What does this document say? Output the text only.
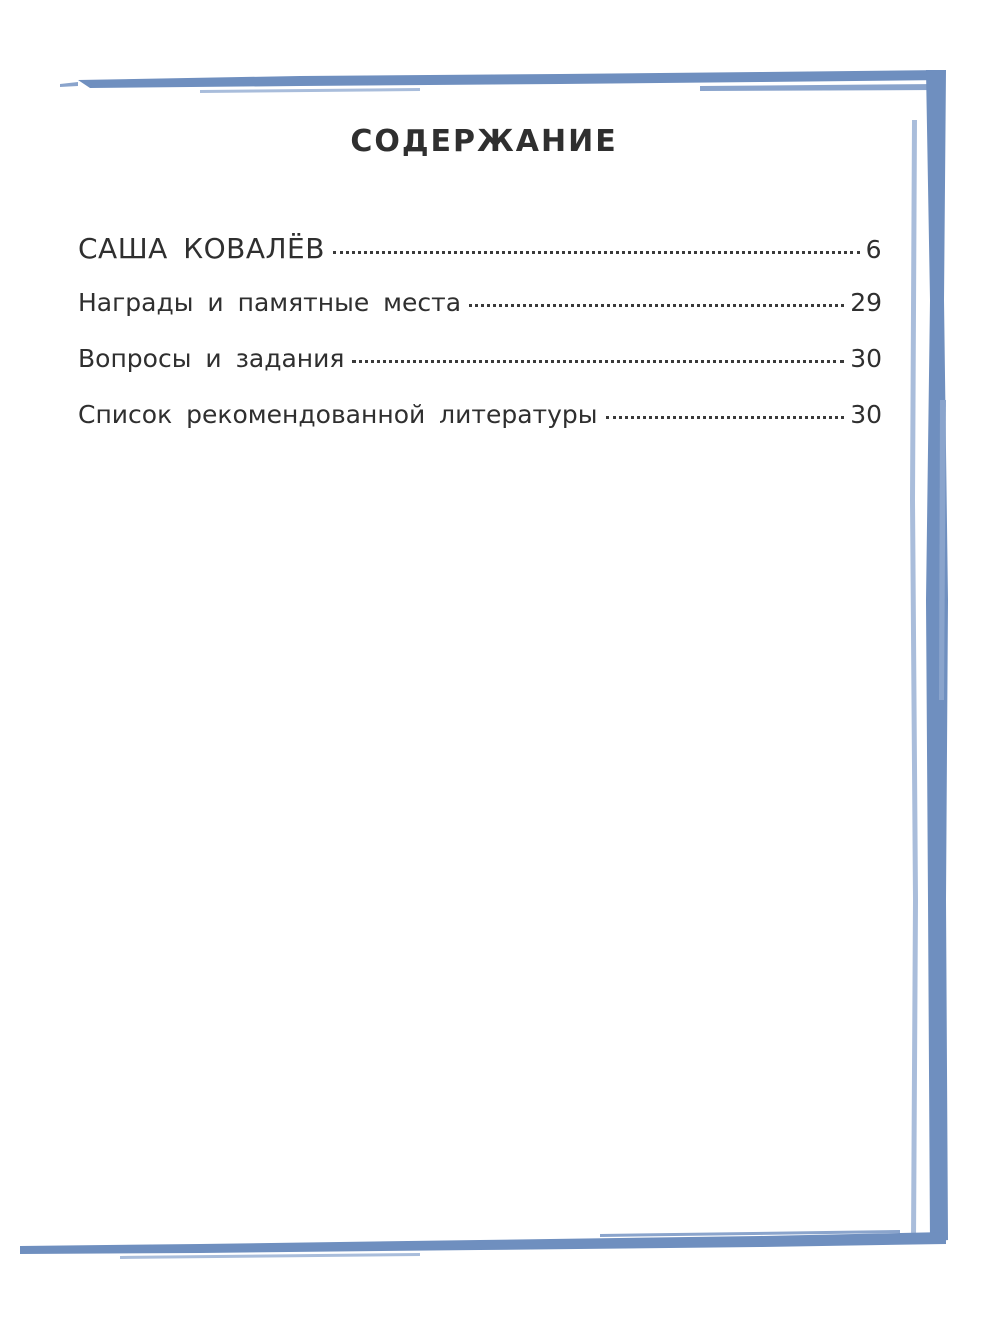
СОДЕРЖАНИЕ
САША КОВАЛЁВ	6
Награды и памятные места	29
Вопросы и задания	30
Список рекомендованной литературы	30
